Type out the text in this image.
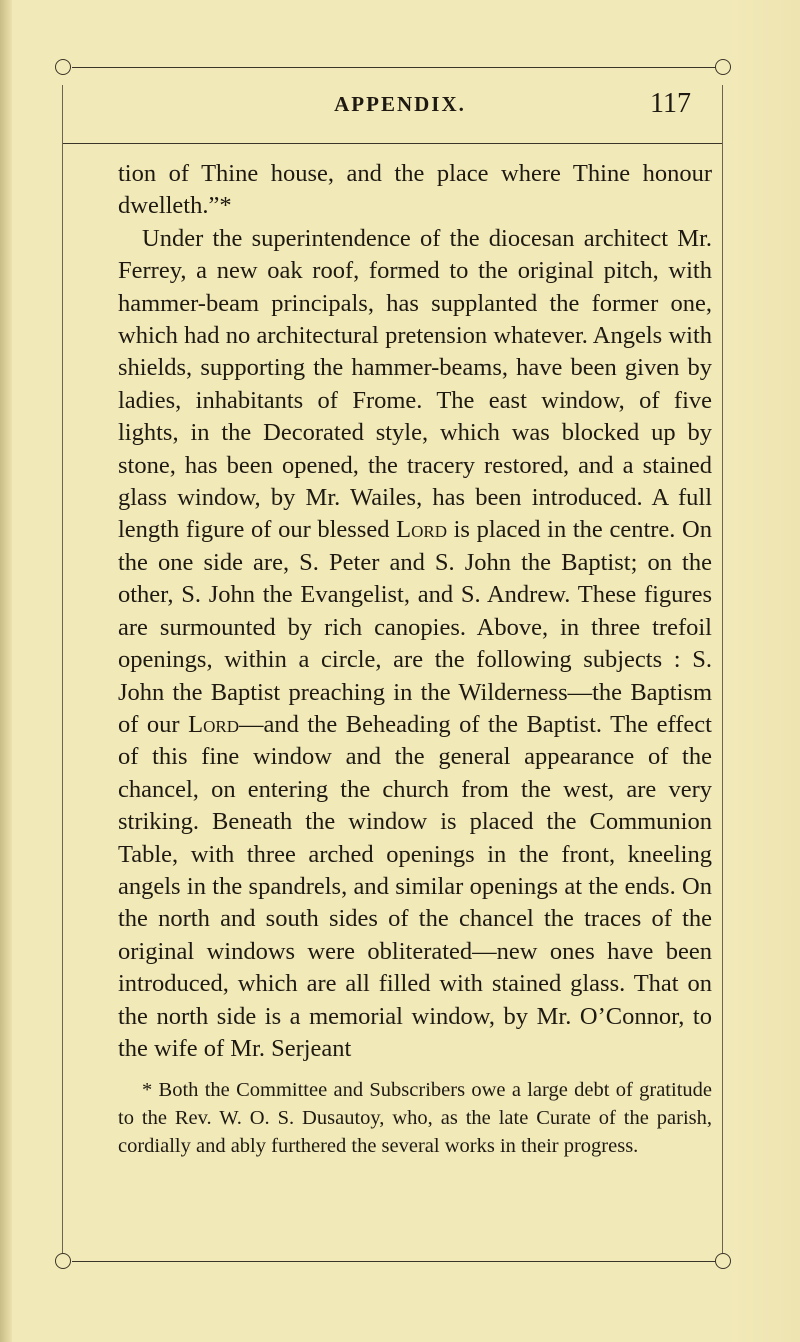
APPENDIX.	117

tion of Thine house, and the place where Thine honour dwelleth.”*

Under the superintendence of the diocesan architect Mr. Ferrey, a new oak roof, formed to the original pitch, with hammer-beam principals, has supplanted the former one, which had no architectural pretension whatever. Angels with shields, supporting the hammer-beams, have been given by ladies, inhabitants of Frome. The east window, of five lights, in the Decorated style, which was blocked up by stone, has been opened, the tracery restored, and a stained glass window, by Mr. Wailes, has been introduced. A full length figure of our blessed Lord is placed in the centre. On the one side are, S. Peter and S. John the Baptist; on the other, S. John the Evangelist, and S. Andrew. These figures are surmounted by rich canopies. Above, in three trefoil openings, within a circle, are the following subjects : S. John the Baptist preaching in the Wilderness—the Baptism of our Lord—and the Beheading of the Baptist. The effect of this fine window and the general appearance of the chancel, on entering the church from the west, are very striking. Beneath the window is placed the Communion Table, with three arched openings in the front, kneeling angels in the spandrels, and similar openings at the ends. On the north and south sides of the chancel the traces of the original windows were obliterated—new ones have been introduced, which are all filled with stained glass. That on the north side is a memorial window, by Mr. O’Connor, to the wife of Mr. Serjeant

* Both the Committee and Subscribers owe a large debt of gratitude to the Rev. W. O. S. Dusautoy, who, as the late Curate of the parish, cordially and ably furthered the several works in their progress.
